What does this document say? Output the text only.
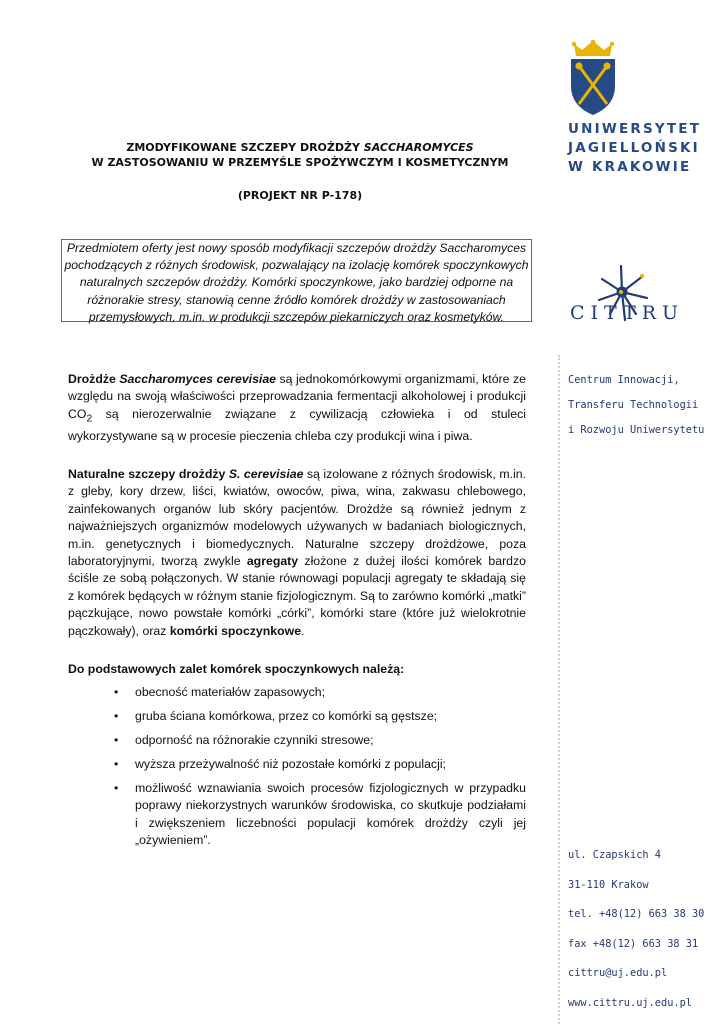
ZMODYFIKOWANE SZCZEPY DROŻDŻY SACCHAROMYCES
W ZASTOSOWANIU W PRZEMYŚLE SPOŻYWCZYM I KOSMETYCZNYM
(PROJEKT NR P-178)
Przedmiotem oferty jest nowy sposób modyfikacji szczepów drożdży Saccharomyces
pochodzących z różnych środowisk, pozwalający na izolację komórek spoczynkowych
naturalnych szczepów drożdży. Komórki spoczynkowe, jako bardziej odporne na
różnorakie stresy, stanowią cenne źródło komórek drożdży w zastosowaniach
przemysłowych, m.in. w produkcji szczepów piekarniczych oraz kosmetyków.
Drożdże Saccharomyces cerevisiae są jednokomórkowymi organizmami, które ze względu na swoją właściwości przeprowadzania fermentacji alkoholowej i produkcji $CO_2$ są nierozerwalnie związane z cywilizacją człowieka i od stuleci wykorzystywane są w procesie pieczenia chleba czy produkcji wina i piwa.
Naturalne szczepy drożdży S. cerevisiae są izolowane z różnych środowisk, m.in. z gleby, kory drzew, liści, kwiatów, owoców, piwa, wina, zakwasu chlebowego, zainfekowanych organów lub skóry pacjentów. Drożdże są również jednym z najważniejszych organizmów modelowych używanych w badaniach biologicznych, m.in. genetycznych i biomedycznych. Naturalne szczepy drożdżowe, poza laboratoryjnymi, tworzą zwykle agregaty złożone z dużej ilości komórek bardzo ściśle ze sobą połączonych. W stanie równowagi populacji agregaty te składają się z komórek będących w różnym stanie fizjologicznym. Są to zarówno komórki „matki” pączkujące, nowo powstałe komórki „córki”, komórki stare (które już wielokrotnie pączkowały), oraz komórki spoczynkowe.
Do podstawowych zalet komórek spoczynkowych należą:
• obecność materiałów zapasowych;
• gruba ściana komórkowa, przez co komórki są gęstsze;
• odporność na różnorakie czynniki stresowe;
• wyższa przeżywalność niż pozostałe komórki z populacji;
• możliwość wznawiania swoich procesów fizjologicznych w przypadku poprawy niekorzystnych warunków środowiska, co skutkuje podziałami i zwiększeniem liczebności populacji komórek drożdży czyli jej „ożywieniem”.
UNIWERSYTET
JAGIELLOŃSKI
W KRAKOWIE
CITTRU
Centrum Innowacji,
Transferu Technologii
i Rozwoju Uniwersytetu
ul. Czapskich 4
31-110 Krakow
tel. +48(12) 663 38 30
fax +48(12) 663 38 31
cittru@uj.edu.pl
www.cittru.uj.edu.pl
